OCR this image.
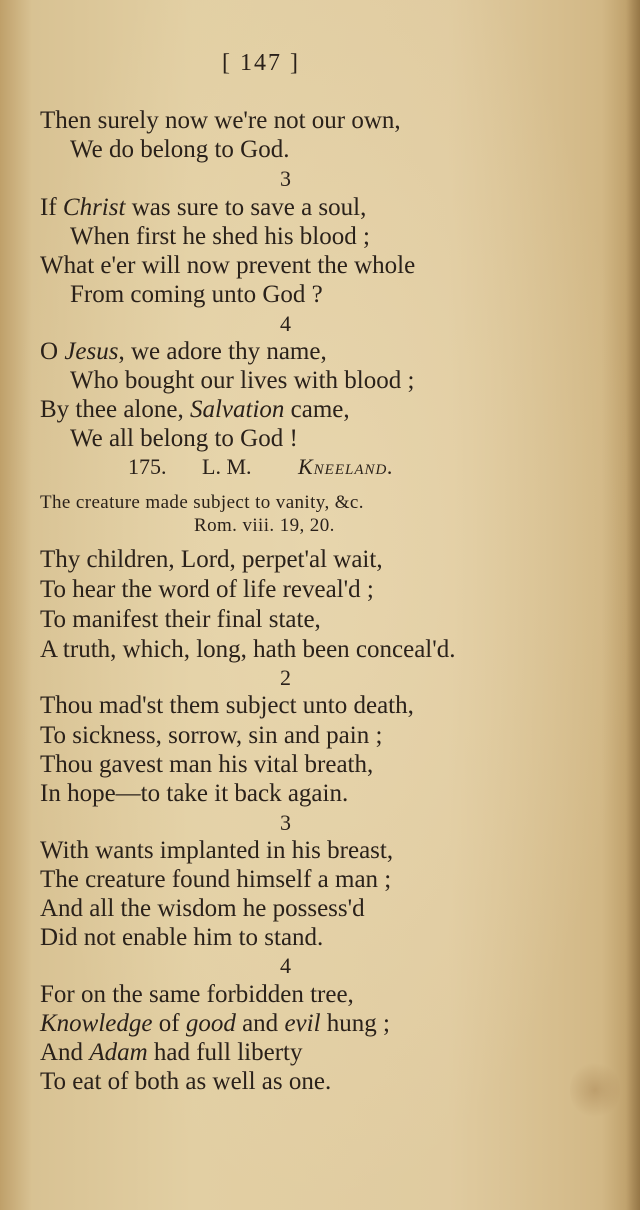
[ 147 ]
Then surely now we're not our own,
We do belong to God.
3
If Christ was sure to save a soul,
When first he shed his blood ;
What e'er will now prevent the whole
From coming unto God ?
4
O Jesus, we adore thy name,
Who bought our lives with blood ;
By thee alone, Salvation came,
We all belong to God !
175. L. M. Kneeland.
The creature made subject to vanity, &c.
Rom. viii. 19, 20.
Thy children, Lord, perpet'al wait,
To hear the word of life reveal'd ;
To manifest their final state,
A truth, which, long, hath been conceal'd.
2
Thou mad'st them subject unto death,
To sickness, sorrow, sin and pain ;
Thou gavest man his vital breath,
In hope—to take it back again.
3
With wants implanted in his breast,
The creature found himself a man ;
And all the wisdom he possess'd
Did not enable him to stand.
4
For on the same forbidden tree,
Knowledge of good and evil hung ;
And Adam had full liberty
To eat of both as well as one.
